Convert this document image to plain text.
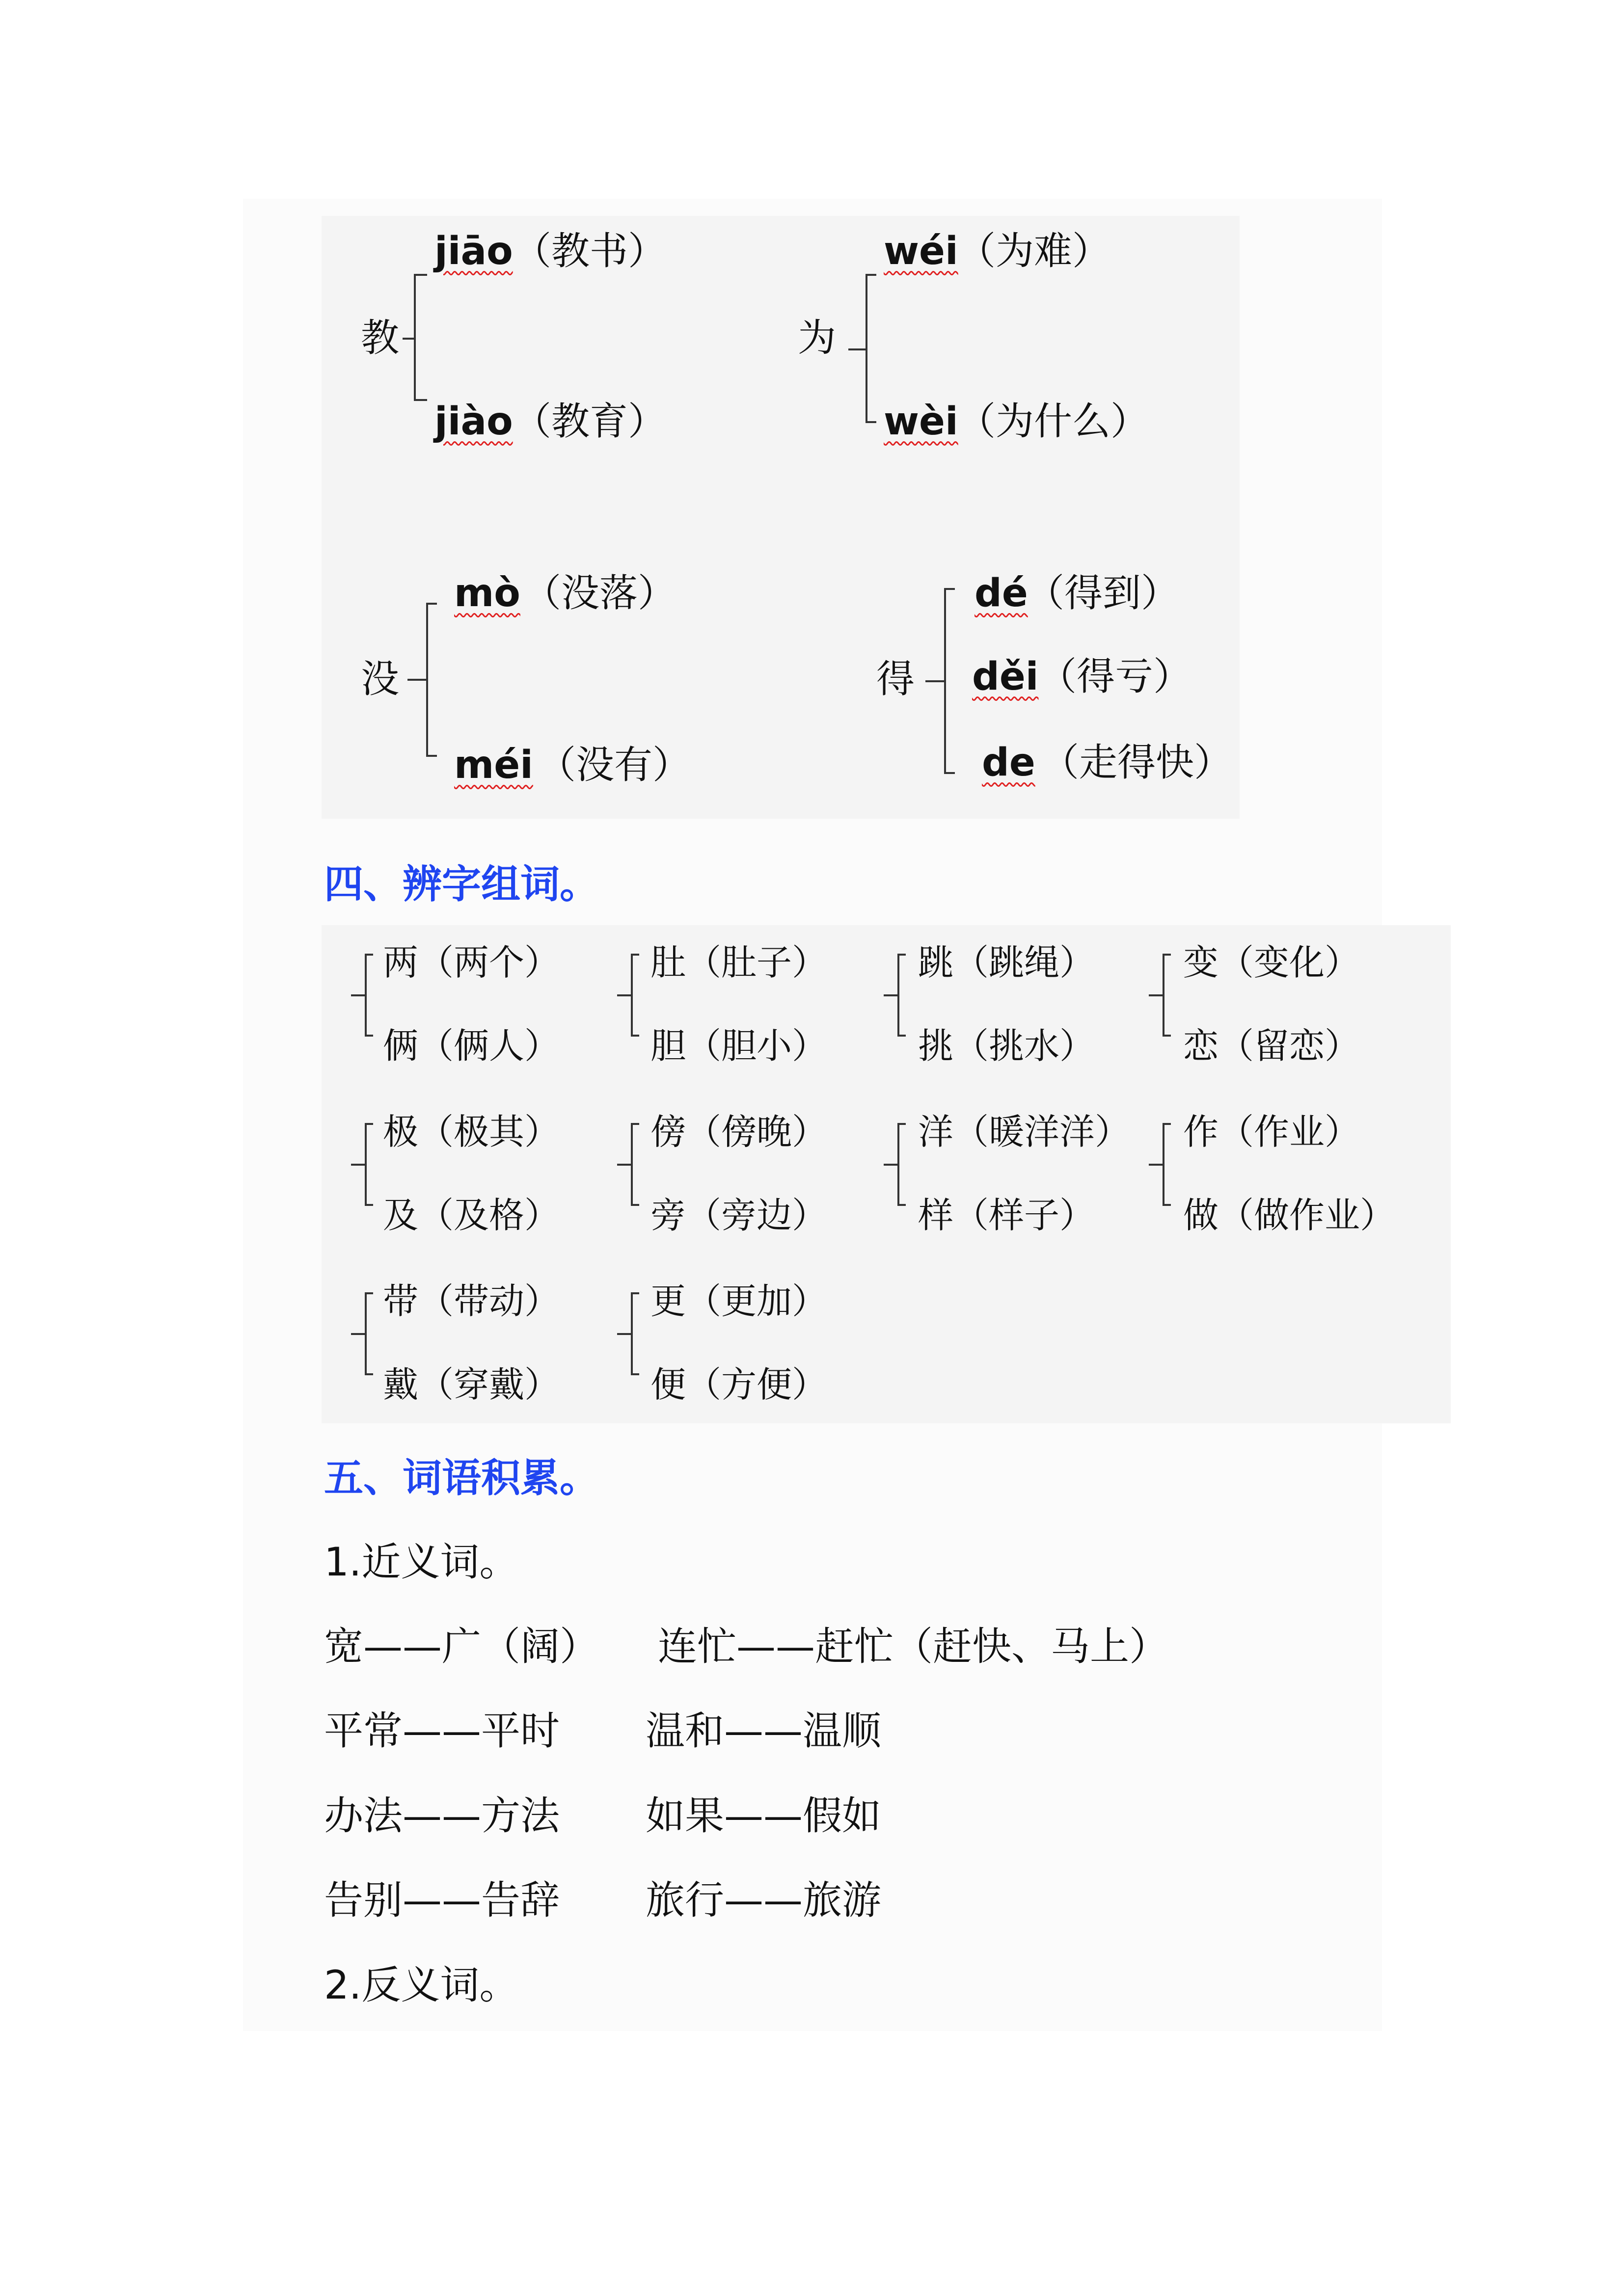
教
jiāo （教书）
jiào （教育）
为
wéi
（为难）
wèi
（为什么）
没
mò （没落）
méi （没有）
得
dé
（得到）
děi （得亏）
de （走得快）
四、辨字组词。
两（两个）
俩（俩人）
肚（肚子）
胆（胆小）
跳（跳绳）
挑（挑水）
变（变化）
恋（留恋）
极（极其）
及（及格）
傍（傍晚）
旁（旁边）
洋（暖洋洋）
样（样子）
作（作业）
做（做作业）
带（带动）
戴（穿戴）
更（更加）
便（方便）
五、词语积累。
1.近义词。
宽——广（阔） 连忙——赶忙（赶快、马上）
平常——平时 温和——温顺
办法——方法 如果——假如
告别——告辞 旅行——旅游
2.反义词。
